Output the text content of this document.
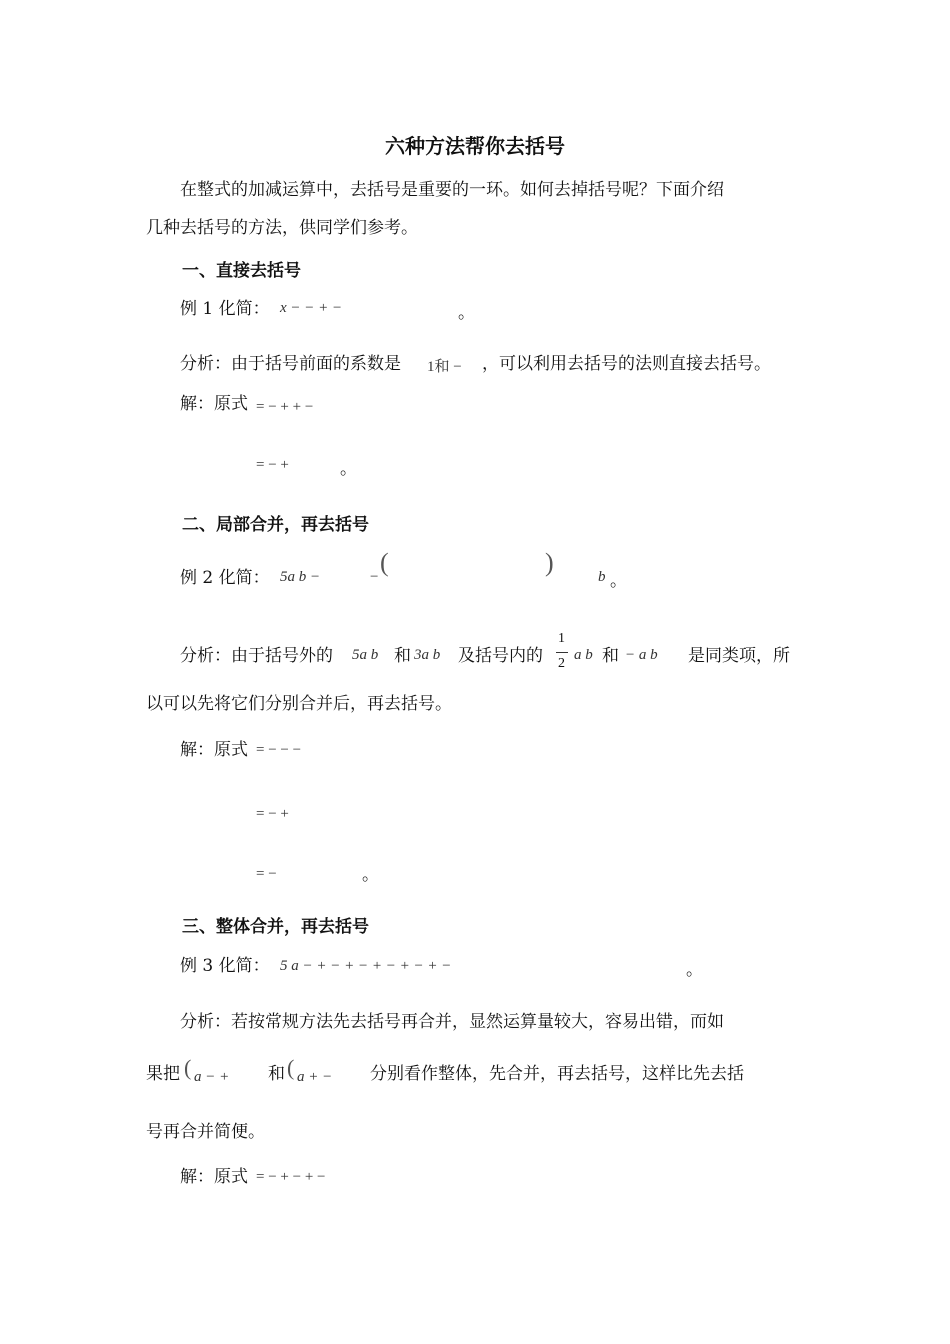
六种方法帮你去括号
在整式的加减运算中，去括号是重要的一环。如何去掉括号呢？下面介绍
几种去括号的方法，供同学们参考。
一、直接去括号
例 1 化简： x − − + −	。
分析：由于括号前面的系数是 1和 − ，可以利用去括号的法则直接去括号。
解：原式 = − + + −
= − +	。
二、局部合并，再去括号
例 2 化简： 5a b −	− (	)	b 。
分析：由于括号外的 5a b 和 3a b 及括号内的
1
2
a b 和 − a b 是同类项，所
以可以先将它们分别合并后，再去括号。
解：原式 = − − −
= − +
= −	。
三、整体合并，再去括号
例 3 化简： 5 a − + − + − + − + − + −	。
分析：若按常规方法先去括号再合并，显然运算量较大，容易出错，而如
果把 ( a − + 和 ( a + − 分别看作整体，先合并，再去括号，这样比先去括
号再合并简便。
解：原式 = − + − + −
